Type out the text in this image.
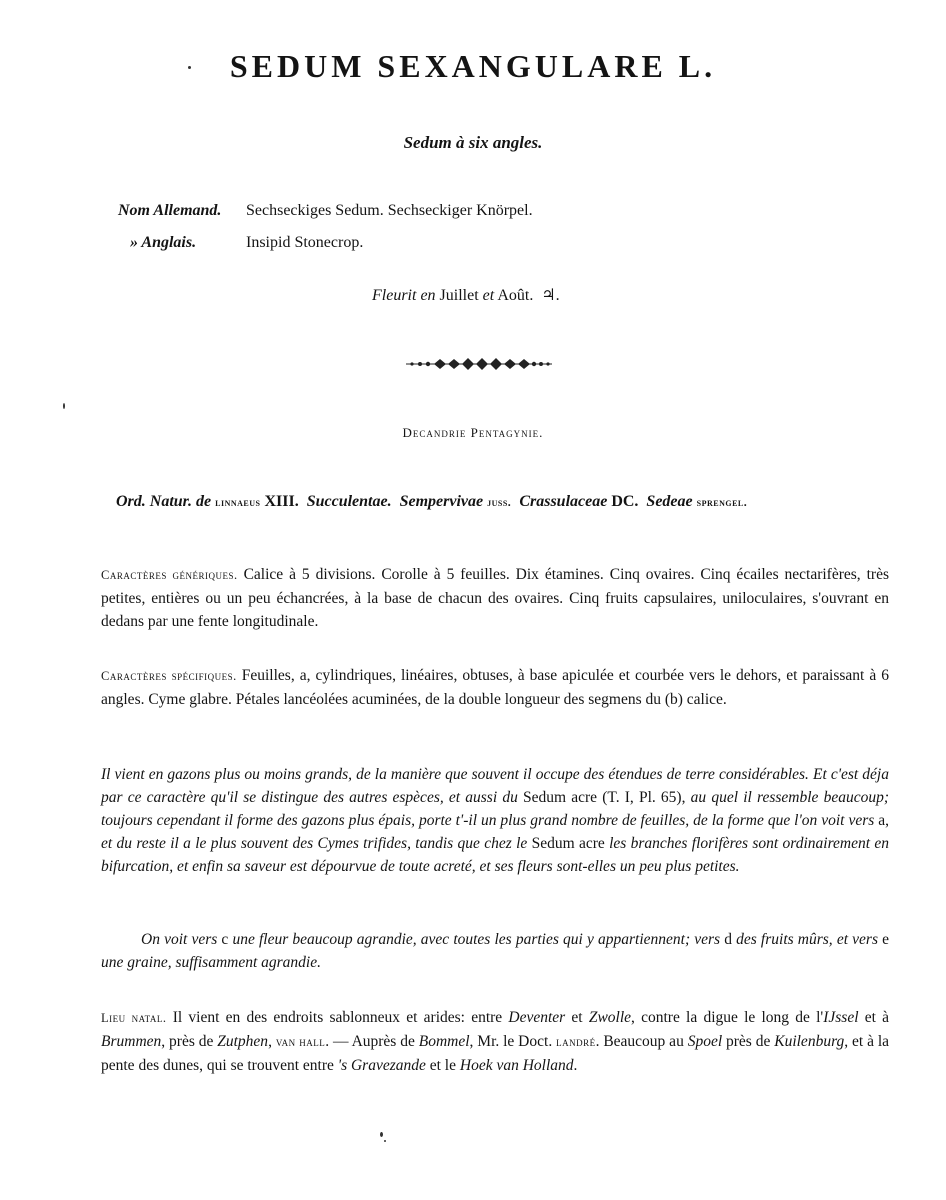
SEDUM SEXANGULARE L.
Sedum à six angles.
Nom Allemand.	Sechseckiges Sedum. Sechseckiger Knörpel.
» Anglais.	Insipid Stonecrop.
Fleurit en Juillet et Août. ♃.
Decandrie Pentagynie.
Ord. Natur. de linnaeus XIII. Succulentae. Sempervivae juss. Crassulaceae DC. Sedeae sprengel.
Caractères génériques. Calice à 5 divisions. Corolle à 5 feuilles. Dix étamines. Cinq ovaires. Cinq écailes nectarifères, très petites, entières ou un peu échancrées, à la base de chacun des ovaires. Cinq fruits capsulaires, uniloculaires, s'ouvrant en dedans par une fente longitudinale.
Caractères spécifiques. Feuilles, a, cylindriques, linéaires, obtuses, à base apiculée et courbée vers le dehors, et paraissant à 6 angles. Cyme glabre. Pétales lancéolées acuminées, de la double longueur des segmens du (b) calice.
Il vient en gazons plus ou moins grands, de la manière que souvent il occupe des étendues de terre considérables. Et c'est déja par ce caractère qu'il se distingue des autres espèces, et aussi du Sedum acre (T. I, Pl. 65), au quel il ressemble beaucoup; toujours cependant il forme des gazons plus épais, porte t'-il un plus grand nombre de feuilles, de la forme que l'on voit vers a, et du reste il a le plus souvent des Cymes trifides, tandis que chez le Sedum acre les branches florifères sont ordinairement en bifurcation, et enfin sa saveur est dépourvue de toute acreté, et ses fleurs sont-elles un peu plus petites.
On voit vers c une fleur beaucoup agrandie, avec toutes les parties qui y appartiennent; vers d des fruits mûrs, et vers e une graine, suffisamment agrandie.
Lieu natal. Il vient en des endroits sablonneux et arides: entre Deventer et Zwolle, contre la digue le long de l'IJssel et à Brummen, près de Zutphen, van hall. — Auprès de Bommel, Mr. le Doct. landré. Beaucoup au Spoel près de Kuilenburg, et à la pente des dunes, qui se trouvent entre 's Gravezande et le Hoek van Holland.
